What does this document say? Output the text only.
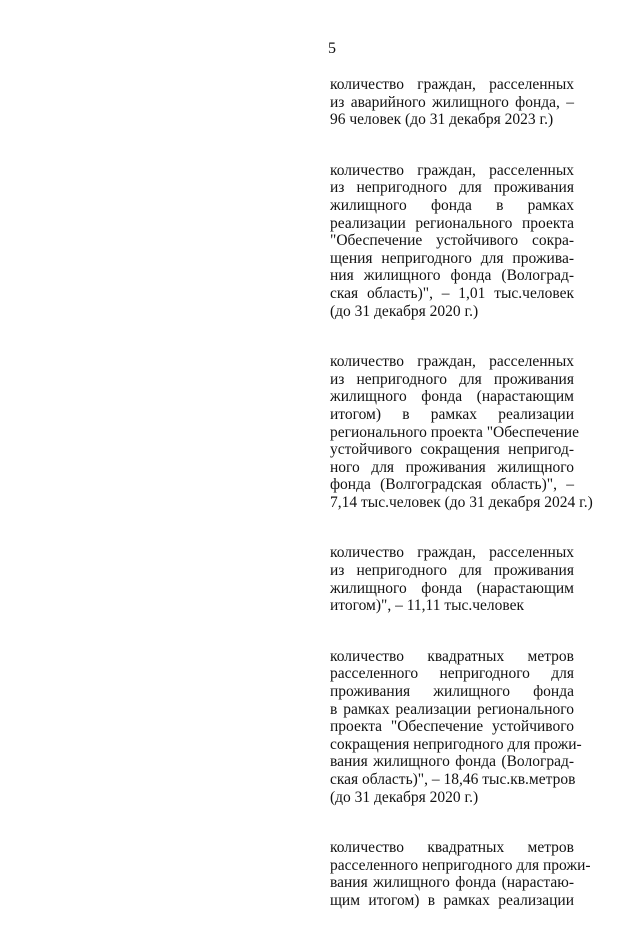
5

количество граждан, расселенных
из аварийного жилищного фонда, –
96 человек (до 31 декабря 2023 г.)

количество граждан, расселенных
из непригодного для проживания
жилищного фонда в рамках
реализации регионального проекта
"Обеспечение устойчивого сокра-
щения непригодного для прожива-
ния жилищного фонда (Волоград-
ская область)", – 1,01 тыс.человек
(до 31 декабря 2020 г.)

количество граждан, расселенных
из непригодного для проживания
жилищного фонда (нарастающим
итогом) в рамках реализации
регионального проекта "Обеспечение
устойчивого сокращения непригод-
ного для проживания жилищного
фонда (Волгоградская область)", –
7,14 тыс.человек (до 31 декабря 2024 г.)

количество граждан, расселенных
из непригодного для проживания
жилищного фонда (нарастающим
итогом)", – 11,11 тыс.человек

количество квадратных метров
расселенного непригодного для
проживания жилищного фонда
в рамках реализации регионального
проекта "Обеспечение устойчивого
сокращения непригодного для прожи-
вания жилищного фонда (Волоград-
ская область)", – 18,46 тыс.кв.метров
(до 31 декабря 2020 г.)

количество квадратных метров
расселенного непригодного для прожи-
вания жилищного фонда (нарастаю-
щим итогом) в рамках реализации
